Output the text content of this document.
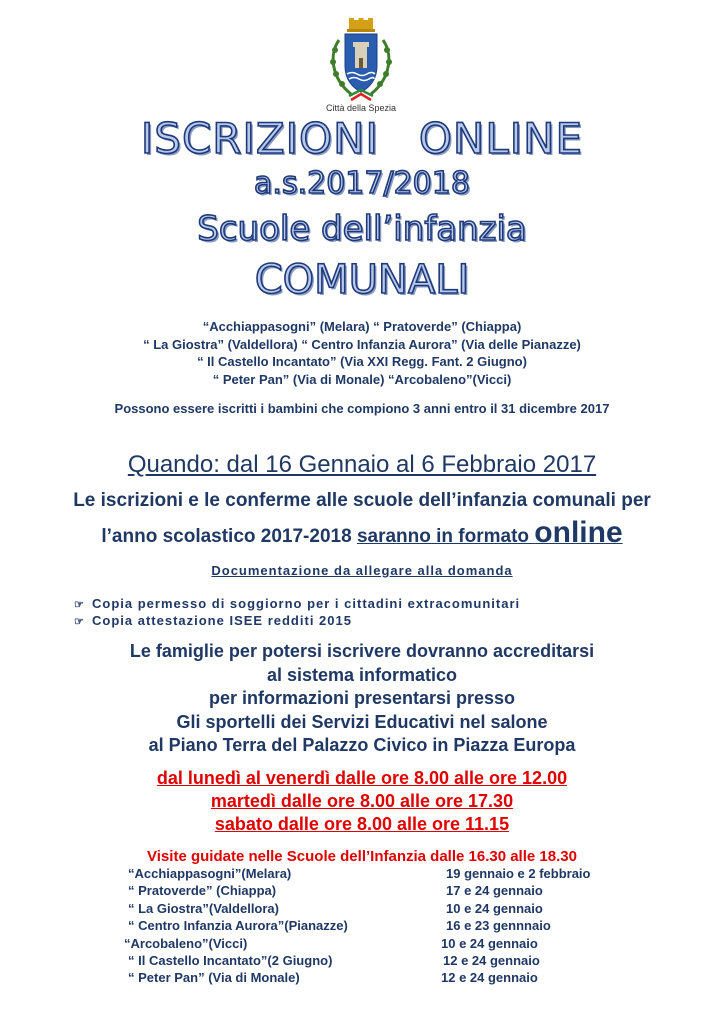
Città della Spezia
ISCRIZIONI ONLINE
a.s.2017/2018
Scuole dell’infanzia
COMUNALI
“Acchiappasogni” (Melara) “ Pratoverde” (Chiappa)
“ La Giostra” (Valdellora) “ Centro Infanzia Aurora” (Via delle Pianazze)
“ Il Castello Incantato” (Via XXI Regg. Fant. 2 Giugno)
“ Peter Pan” (Via di Monale) “Arcobaleno”(Vicci)
Possono essere iscritti i bambini che compiono 3 anni entro il 31 dicembre 2017
Quando: dal 16 Gennaio al 6 Febbraio 2017
Le iscrizioni e le conferme alle scuole dell’infanzia comunali per
l’anno scolastico 2017-2018 saranno in formato online
Documentazione da allegare alla domanda
☞ Copia permesso di soggiorno per i cittadini extracomunitari
☞ Copia attestazione ISEE redditi 2015
Le famiglie per potersi iscrivere dovranno accreditarsi
al sistema informatico
per informazioni presentarsi presso
Gli sportelli dei Servizi Educativi nel salone
al Piano Terra del Palazzo Civico in Piazza Europa
dal lunedì al venerdì dalle ore 8.00 alle ore 12.00
martedì dalle ore 8.00 alle ore 17.30
sabato dalle ore 8.00 alle ore 11.15
Visite guidate nelle Scuole dell’Infanzia dalle 16.30 alle 18.30
“Acchiappasogni”(Melara)	19 gennaio e 2 febbraio
“ Pratoverde” (Chiappa)	17 e 24 gennaio
“ La Giostra”(Valdellora)	10 e 24 gennaio
“ Centro Infanzia Aurora”(Pianazze)	16 e 23 gennnaio
“Arcobaleno”(Vicci)	10 e 24 gennaio
“ Il Castello Incantato”(2 Giugno)	12 e 24 gennaio
“ Peter Pan” (Via di Monale)	12 e 24 gennaio
